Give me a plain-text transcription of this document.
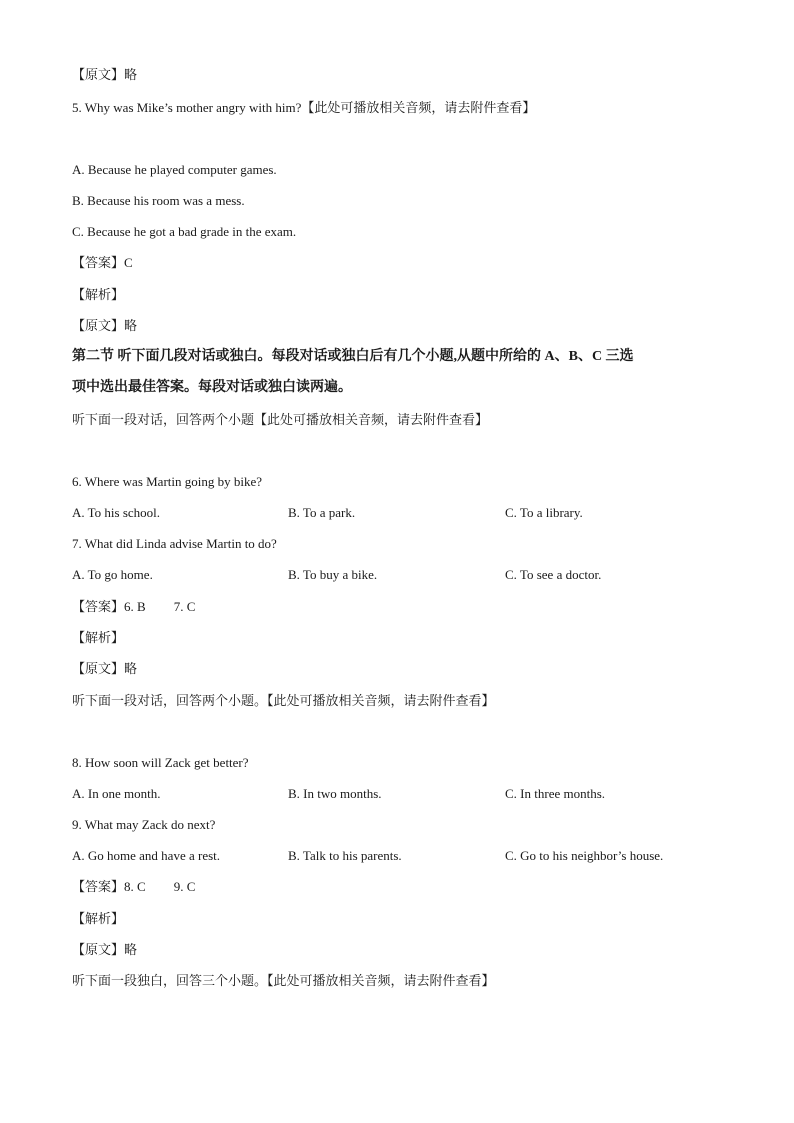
【原文】略
5. Why was Mike’s mother angry with him?【此处可播放相关音频，请去附件查看】
A. Because he played computer games.
B. Because his room was a mess.
C. Because he got a bad grade in the exam.
【答案】C
【解析】
【原文】略
第二节 听下面几段对话或独白。每段对话或独白后有几个小题,从题中所给的 A、B、C 三选
项中选出最佳答案。每段对话或独白读两遍。
听下面一段对话，回答两个小题【此处可播放相关音频，请去附件查看】
6. Where was Martin going by bike?
A. To his school.	B. To a park.	C. To a library.
7. What did Linda advise Martin to do?
A. To go home.	B. To buy a bike.	C. To see a doctor.
【答案】6. B 7. C
【解析】
【原文】略
听下面一段对话，回答两个小题。【此处可播放相关音频，请去附件查看】
8. How soon will Zack get better?
A. In one month.	B. In two months.	C. In three months.
9. What may Zack do next?
A. Go home and have a rest.	B. Talk to his parents.	C. Go to his neighbor’s house.
【答案】8. C 9. C
【解析】
【原文】略
听下面一段独白，回答三个小题。【此处可播放相关音频，请去附件查看】
